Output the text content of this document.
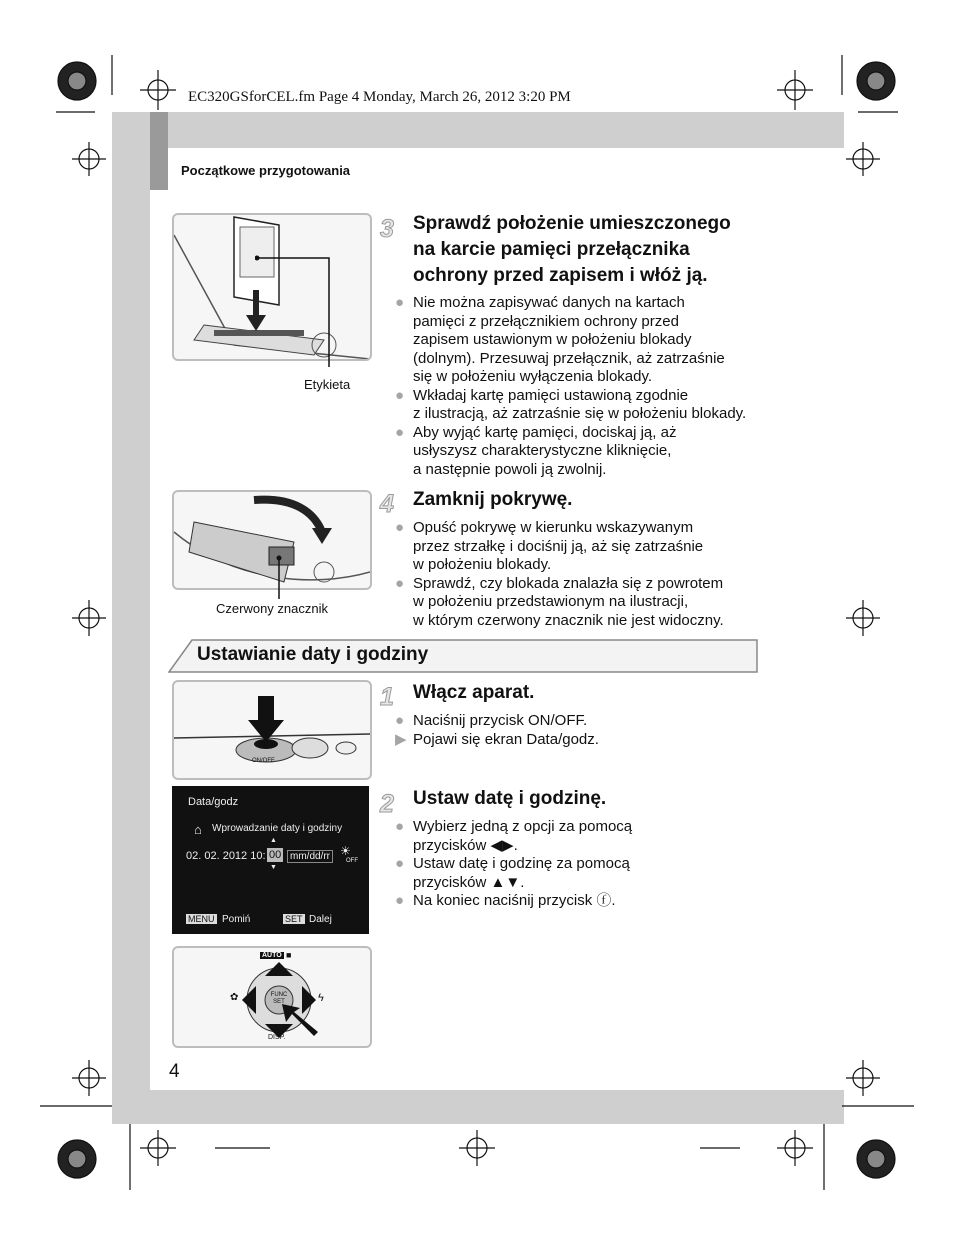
EC320GSforCEL.fm Page 4 Monday, March 26, 2012 3:20 PM
Początkowe przygotowania
Etykieta
3 Sprawdź położenie umieszczonego
na karcie pamięci przełącznika
ochrony przed zapisem i włóż ją.
● Nie można zapisywać danych na kartach
pamięci z przełącznikiem ochrony przed
zapisem ustawionym w położeniu blokady
(dolnym). Przesuwaj przełącznik, aż zatrzaśnie
się w położeniu wyłączenia blokady.
● Wkładaj kartę pamięci ustawioną zgodnie
z ilustracją, aż zatrzaśnie się w położeniu blokady.
● Aby wyjąć kartę pamięci, dociskaj ją, aż
usłyszysz charakterystyczne kliknięcie,
a następnie powoli ją zwolnij.
Czerwony znacznik
4 Zamknij pokrywę.
● Opuść pokrywę w kierunku wskazywanym
przez strzałkę i dociśnij ją, aż się zatrzaśnie
w położeniu blokady.
● Sprawdź, czy blokada znalazła się z powrotem
w położeniu przedstawionym na ilustracji,
w którym czerwony znacznik nie jest widoczny.
Ustawianie daty i godziny
ON/OFF
1 Włącz aparat.
● Naciśnij przycisk ON/OFF.
▶ Pojawi się ekran Data/godz.
Data/godz
⌂ Wprowadzanie daty i godziny
▲
02. 02. 2012 10: 00 mm/dd/rr ☀
OFF
▼
MENU Pomiń	SET Dalej
2 Ustaw datę i godzinę.
● Wybierz jedną z opcji za pomocą
przycisków ◀▶.
● Ustaw datę i godzinę za pomocą
przycisków ▲▼.
● Na koniec naciśnij przycisk ⓕ.
AUTO ■
✿	ϟ
FUNC SET
DISP.
4
